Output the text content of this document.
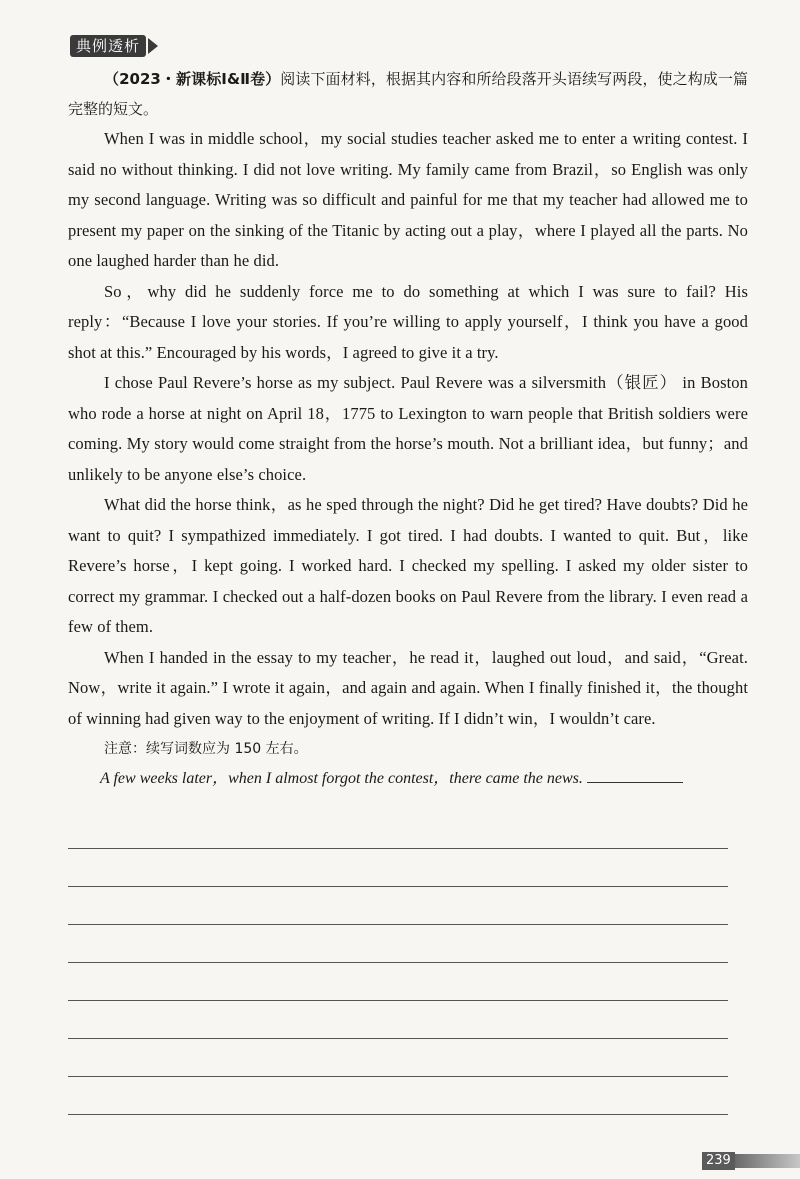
典例透析

（2023・新课标Ⅰ&Ⅱ卷）阅读下面材料，根据其内容和所给段落开头语续写两段，使之构成一篇完整的短文。

When I was in middle school，my social studies teacher asked me to enter a writing contest. I said no without thinking. I did not love writing. My family came from Brazil，so English was only my second language. Writing was so difficult and painful for me that my teacher had allowed me to present my paper on the sinking of the Titanic by acting out a play，where I played all the parts. No one laughed harder than he did.

So，why did he suddenly force me to do something at which I was sure to fail? His reply：“Because I love your stories. If you’re willing to apply yourself，I think you have a good shot at this.” Encouraged by his words，I agreed to give it a try.

I chose Paul Revere’s horse as my subject. Paul Revere was a silversmith（银匠） in Boston who rode a horse at night on April 18，1775 to Lexington to warn people that British soldiers were coming. My story would come straight from the horse’s mouth. Not a brilliant idea，but funny；and unlikely to be anyone else’s choice.

What did the horse think，as he sped through the night? Did he get tired? Have doubts? Did he want to quit? I sympathized immediately. I got tired. I had doubts. I wanted to quit. But，like Revere’s horse，I kept going. I worked hard. I checked my spelling. I asked my older sister to correct my grammar. I checked out a half-dozen books on Paul Revere from the library. I even read a few of them.

When I handed in the essay to my teacher，he read it，laughed out loud，and said，“Great. Now，write it again.” I wrote it again，and again and again. When I finally finished it，the thought of winning had given way to the enjoyment of writing. If I didn’t win，I wouldn’t care.

注意：续写词数应为 150 左右。

A few weeks later，when I almost forgot the contest，there came the news.

239
